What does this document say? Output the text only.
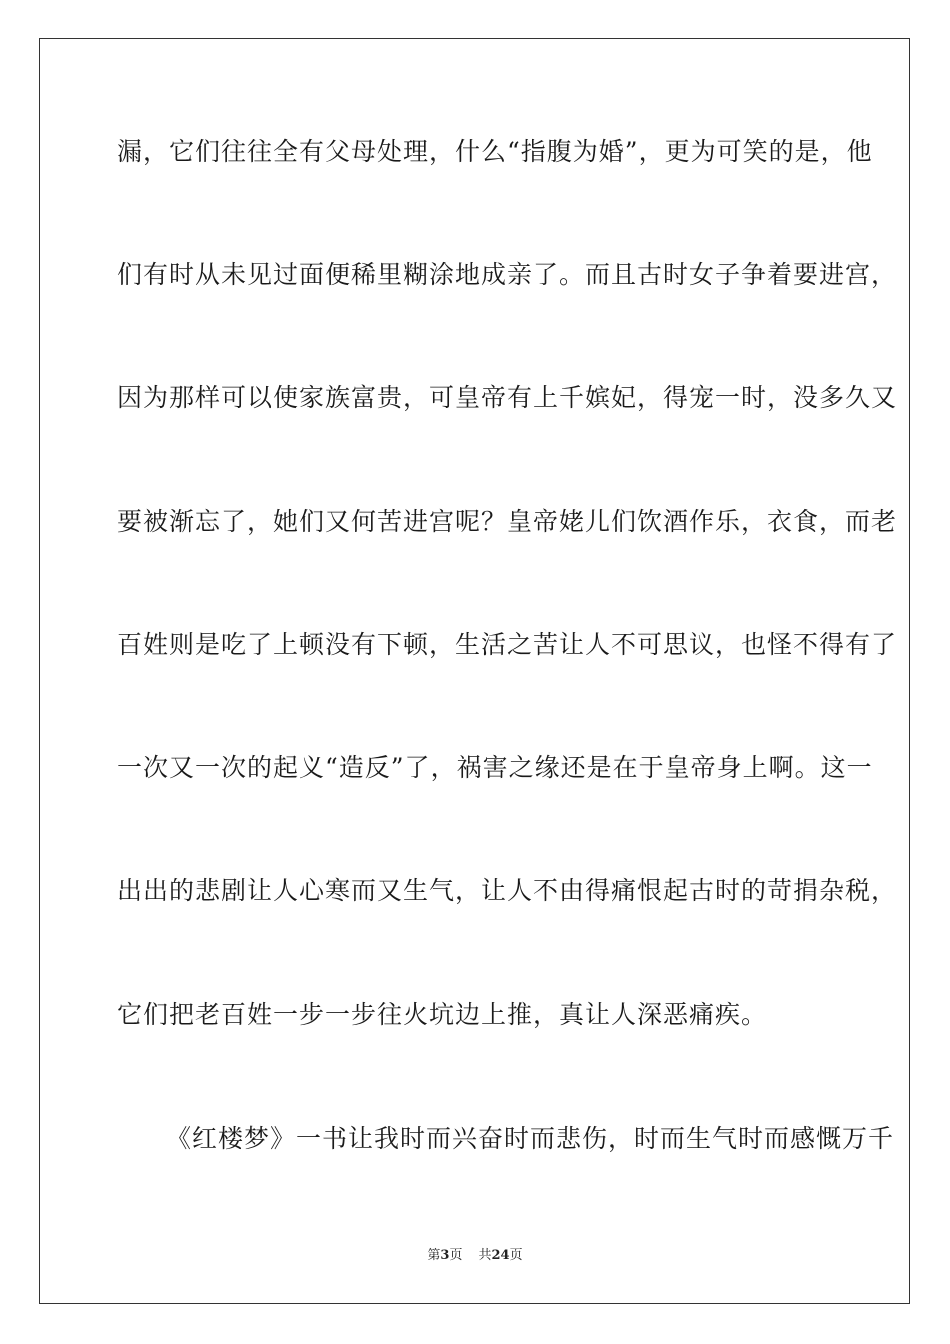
漏，它们往往全有父母处理，什么“指腹为婚”，更为可笑的是，他
们有时从未见过面便稀里糊涂地成亲了。而且古时女子争着要进宫，
因为那样可以使家族富贵，可皇帝有上千嫔妃，得宠一时，没多久又
要被渐忘了，她们又何苦进宫呢？皇帝姥儿们饮酒作乐，衣食，而老
百姓则是吃了上顿没有下顿，生活之苦让人不可思议，也怪不得有了
一次又一次的起义“造反”了，祸害之缘还是在于皇帝身上啊。这一
出出的悲剧让人心寒而又生气，让人不由得痛恨起古时的苛捐杂税，
它们把老百姓一步一步往火坑边上推，真让人深恶痛疾。
《红楼梦》一书让我时而兴奋时而悲伤，时而生气时而感慨万千
第3页 共24页
